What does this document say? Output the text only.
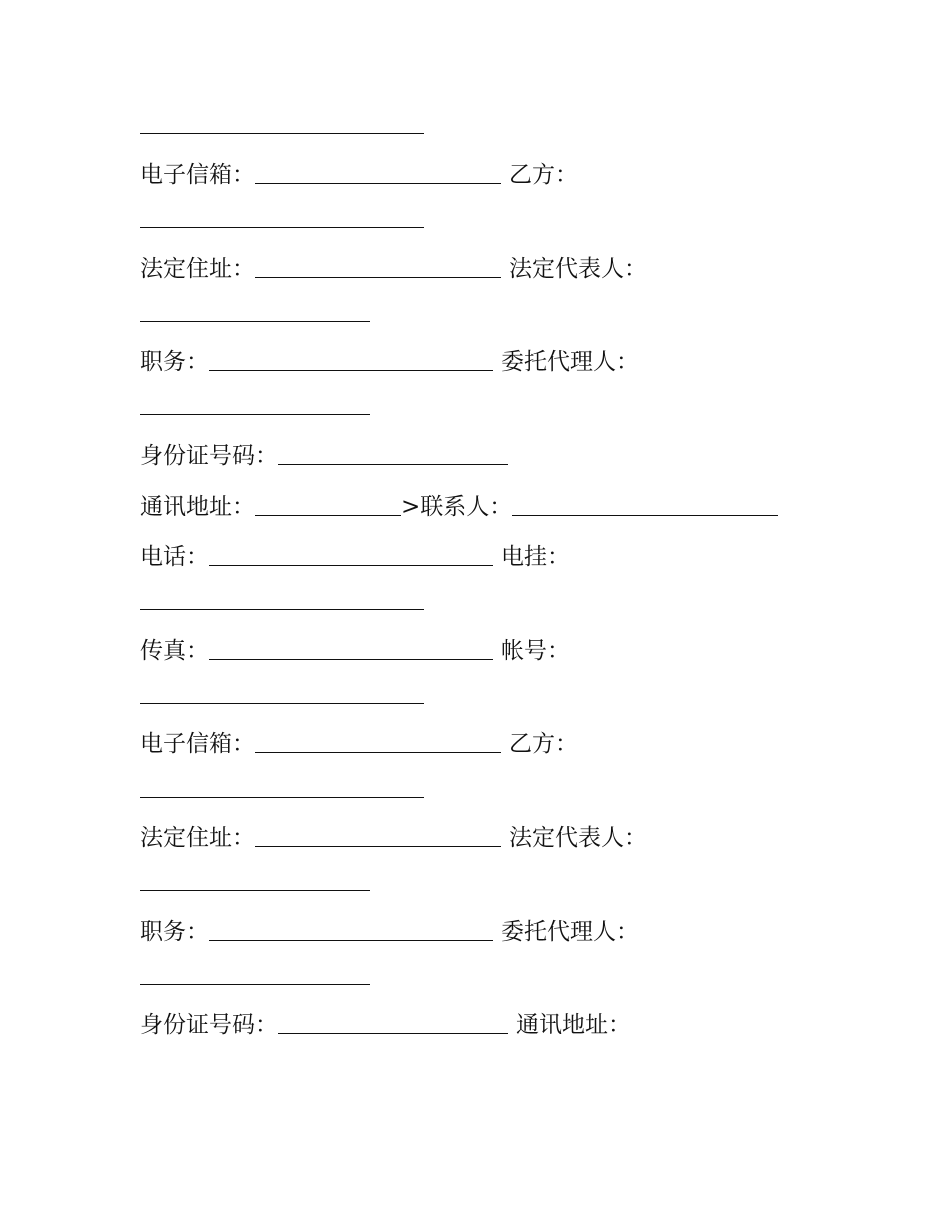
电子信箱：	乙方：
法定住址：	法定代表人：
职务：	委托代理人：
身份证号码：
通讯地址：	>联系人：
电话：	电挂：
传真：	帐号：
电子信箱：	乙方：
法定住址：	法定代表人：
职务：	委托代理人：
身份证号码：	通讯地址：
